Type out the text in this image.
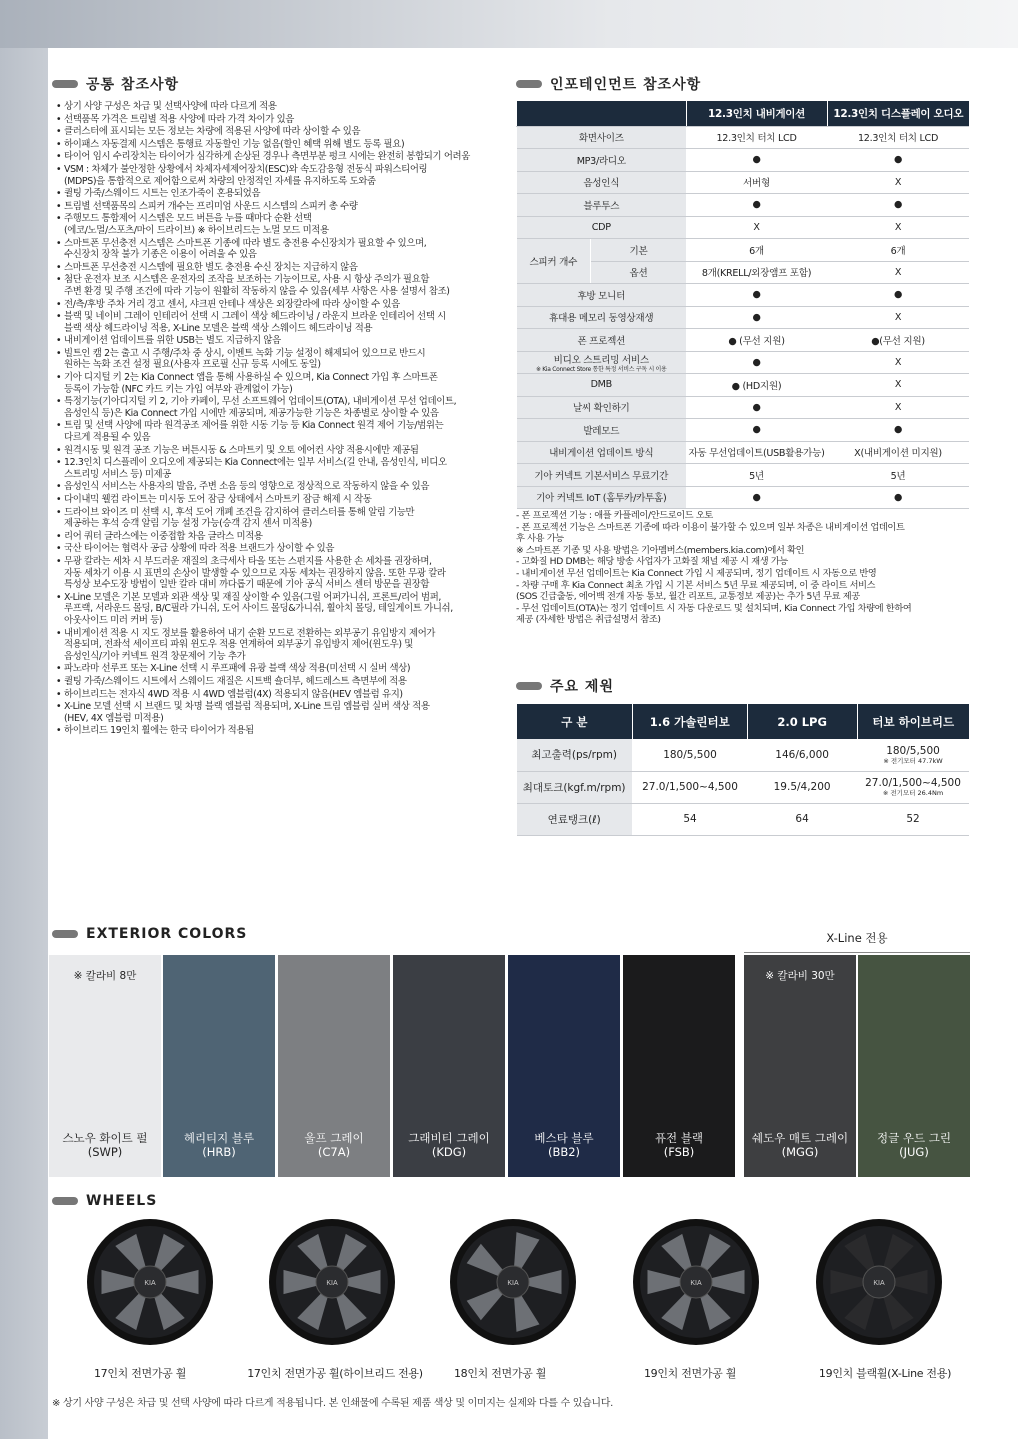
공통 참조사항
• 상기 사양 구성은 차급 및 선택사양에 따라 다르게 적용
• 선택품목 가격은 트림별 적용 사양에 따라 가격 차이가 있음
• 클러스터에 표시되는 모든 정보는 차량에 적용된 사양에 따라 상이할 수 있음
• 하이패스 자동결제 시스템은 통행료 자동할인 기능 없음(할인 혜택 위해 별도 등록 필요)
• 타이어 임시 수리장치는 타이어가 심각하게 손상된 경우나 측면부분 펑크 시에는 완전히 봉합되기 어려움
• VSM : 차체가 불안정한 상황에서 차체자세제어장치(ESC)와 속도감응형 전동식 파워스티어링
(MDPS)을 통합적으로 제어함으로써 차량의 안정적인 자세를 유지하도록 도와줌
• 퀼팅 가죽/스웨이드 시트는 인조가죽이 혼용되었음
• 트림별 선택품목의 스피커 개수는 프리미엄 사운드 시스템의 스피커 총 수량
• 주행모드 통합제어 시스템은 모드 버튼을 누를 때마다 순환 선택
(에코/노멀/스포츠/마이 드라이브) ※ 하이브리드는 노멀 모드 미적용
• 스마트폰 무선충전 시스템은 스마트폰 기종에 따라 별도 충전용 수신장치가 필요할 수 있으며,
수신장치 장착 불가 기종은 이용이 어려울 수 있음
• 스마트폰 무선충전 시스템에 필요한 별도 충전용 수신 장치는 지급하지 않음
• 첨단 운전자 보조 시스템은 운전자의 조작을 보조하는 기능이므로, 사용 시 항상 주의가 필요함
주변 환경 및 주행 조건에 따라 기능이 원활히 작동하지 않을 수 있음(세부 사항은 사용 설명서 참조)
• 전/측/후방 주차 거리 경고 센서, 샤크핀 안테나 색상은 외장칼라에 따라 상이할 수 있음
• 블랙 및 네이비 그레이 인테리어 선택 시 그레이 색상 헤드라이닝 / 라운지 브라운 인테리어 선택 시
블랙 색상 헤드라이닝 적용, X-Line 모델은 블랙 색상 스웨이드 헤드라이닝 적용
• 내비게이션 업데이트를 위한 USB는 별도 지급하지 않음
• 빌트인 캠 2는 출고 시 주행/주차 중 상시, 이벤트 녹화 기능 설정이 해제되어 있으므로 반드시
원하는 녹화 조건 설정 필요(사용자 프로필 신규 등록 시에도 동일)
• 기아 디지털 키 2는 Kia Connect 앱을 통해 사용하실 수 있으며, Kia Connect 가입 후 스마트폰
등록이 가능함 (NFC 카드 키는 가입 여부와 관계없이 가능)
• 특정기능(기아디지털 키 2, 기아 카페이, 무선 소프트웨어 업데이트(OTA), 내비게이션 무선 업데이트,
음성인식 등)은 Kia Connect 가입 시에만 제공되며, 제공가능한 기능은 차종별로 상이할 수 있음
• 트림 및 선택 사양에 따라 원격공조 제어를 위한 시동 기능 등 Kia Connect 원격 제어 기능/범위는
다르게 적용될 수 있음
• 원격시동 및 원격 공조 기능은 버튼시동 & 스마트키 및 오토 에어컨 사양 적용시에만 제공됨
• 12.3인치 디스플레이 오디오에 제공되는 Kia Connect에는 일부 서비스(길 안내, 음성인식, 비디오
스트리밍 서비스 등) 미제공
• 음성인식 서비스는 사용자의 발음, 주변 소음 등의 영향으로 정상적으로 작동하지 않을 수 있음
• 다이내믹 웰컴 라이트는 미시동 도어 잠금 상태에서 스마트키 잠금 해제 시 작동
• 드라이브 와이즈 미 선택 시, 후석 도어 개폐 조건을 감지하여 클러스터를 통해 알림 기능만
제공하는 후석 승객 알림 기능 설정 가능(승객 감지 센서 미적용)
• 리어 쿼터 글라스에는 이중접합 차음 글라스 미적용
• 국산 타이어는 협력사 공급 상황에 따라 적용 브랜드가 상이할 수 있음
• 무광 칼라는 세차 시 부드러운 재질의 초극세사 타올 또는 스펀지를 사용한 손 세차를 권장하며,
자동 세차기 이용 시 표면의 손상이 발생할 수 있으므로 자동 세차는 권장하지 않음. 또한 무광 칼라
특성상 보수도장 방법이 일반 칼라 대비 까다롭기 때문에 기아 공식 서비스 센터 방문을 권장함
• X-Line 모델은 기본 모델과 외관 색상 및 재질 상이할 수 있음(그릴 어퍼가니쉬, 프론트/리어 범퍼,
루프랙, 서라운드 몰딩, B/C필라 가니쉬, 도어 사이드 몰딩&가니쉬, 휠아치 몰딩, 테일게이트 가니쉬,
아웃사이드 미러 커버 등)
• 내비게이션 적용 시 지도 정보를 활용하여 내기 순환 모드로 전환하는 외부공기 유입방지 제어가
적용되며, 전좌석 세이프티 파워 윈도우 적용 연계하여 외부공기 유입방지 제어(윈도우) 및
음성인식/기아 커넥트 원격 창문제어 기능 추가
• 파노라마 선루프 또는 X-Line 선택 시 루프패에 유광 블랙 색상 적용(미선택 시 실버 색상)
• 퀼팅 가죽/스웨이드 시트에서 스웨이드 재질은 시트백 숄더부, 헤드레스트 측면부에 적용
• 하이브리드는 전자식 4WD 적용 시 4WD 엠블럼(4X) 적용되지 않음(HEV 엠블럼 유지)
• X-Line 모델 선택 시 브랜드 및 차명 블랙 엠블럼 적용되며, X-Line 트림 엠블럼 실버 색상 적용
(HEV, 4X 엠블럼 미적용)
• 하이브리드 19인치 휠에는 한국 타이어가 적용됨
인포테인먼트 참조사항
		12.3인치 내비게이션	12.3인치 디스플레이 오디오
화면사이즈		12.3인치 터치 LCD	12.3인치 터치 LCD
MP3/라디오		●	●
음성인식		서버형	X
블루투스		●	●
CDP		X	X
스피커 개수	기본	6개	6개
	옵션	8개(KRELL/외장앰프 포함)	X
후방 모니터		●	●
휴대용 메모리 동영상재생		●	X
폰 프로젝션		● (무선 지원)	●(무선 지원)
비디오 스트리밍 서비스
※ Kia Connect Store 통한 특정 서비스 구독 시 이용		●	X
DMB		● (HD지원)	X
날씨 확인하기		●	X
발레모드		●	●
내비게이션 업데이트 방식		자동 무선업데이트(USB활용가능)	X(내비게이션 미지원)
기아 커넥트 기본서비스 무료기간		5년	5년
기아 커넥트 IoT (홈투카/카투홈)		●	●
- 폰 프로젝션 기능 : 애플 카플레이/안드로이드 오토
- 폰 프로젝션 기능은 스마트폰 기종에 따라 이용이 불가할 수 있으며 일부 차종은 내비게이션 업데이트
후 사용 가능
※ 스마트폰 기종 및 사용 방법은 기아멤버스(members.kia.com)에서 확인
- 고화질 HD DMB는 해당 방송 사업자가 고화질 채널 제공 시 재생 가능
- 내비게이션 무선 업데이트는 Kia Connect 가입 시 제공되며, 정기 업데이트 시 자동으로 반영
- 차량 구매 후 Kia Connect 최초 가입 시 기본 서비스 5년 무료 제공되며, 이 중 라이트 서비스
(SOS 긴급출동, 에어백 전개 자동 통보, 월간 리포트, 교통정보 제공)는 추가 5년 무료 제공
- 무선 업데이트(OTA)는 정기 업데이트 시 자동 다운로드 및 설치되며, Kia Connect 가입 차량에 한하여
제공 (자세한 방법은 취급설명서 참조)
주요 제원
구 분	1.6 가솔린터보	2.0 LPG	터보 하이브리드
최고출력(ps/rpm)	180/5,500	146/6,000	180/5,500
※ 전기모터 47.7kW

최대토크(kgf.m/rpm)	27.0/1,500~4,500	19.5/4,200	27.0/1,500~4,500
※ 전기모터 26.4Nm

연료탱크(ℓ)	54	64	52
EXTERIOR COLORS	X-Line 전용
※ 칼라비 8만
스노우 화이트 펄
(SWP)
헤리티지 블루
(HRB)
울프 그레이
(C7A)
그래비티 그레이
(KDG)
베스타 블루
(BB2)
퓨전 블랙
(FSB)
※ 칼라비 30만
쉐도우 매트 그레이
(MGG)
정글 우드 그린
(JUG)
WHEELS
KIA
17인치 전면가공 휠
KIA
17인치 전면가공 휠(하이브리드 전용)
KIA
18인치 전면가공 휠
KIA
19인치 전면가공 휠
KIA
19인치 블랙휠(X-Line 전용)
※ 상기 사양 구성은 차급 및 선택 사양에 따라 다르게 적용됩니다. 본 인쇄물에 수록된 제품 색상 및 이미지는 실제와 다를 수 있습니다.
